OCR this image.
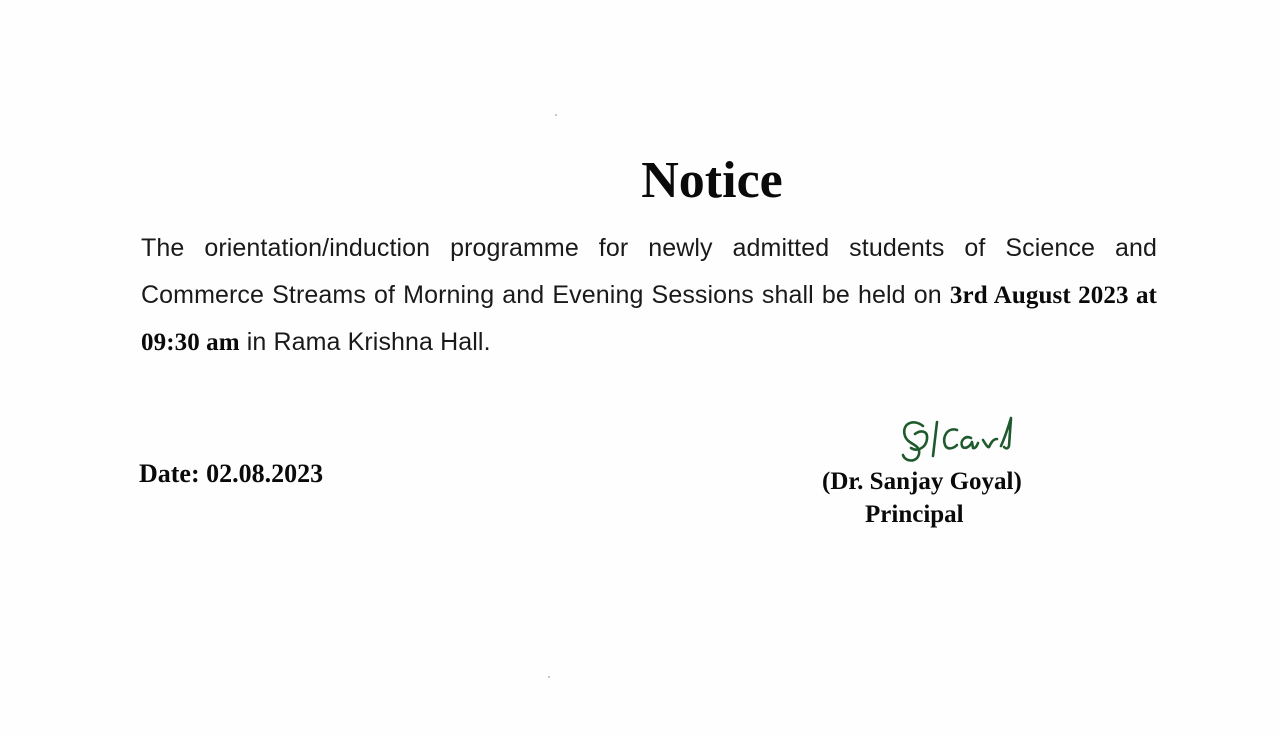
Notice

The orientation/induction programme for newly admitted students of Science and Commerce Streams of Morning and Evening Sessions shall be held on 3rd August 2023 at 09:30 am in Rama Krishna Hall.

Date: 02.08.2023	(Dr. Sanjay Goyal)
Principal
